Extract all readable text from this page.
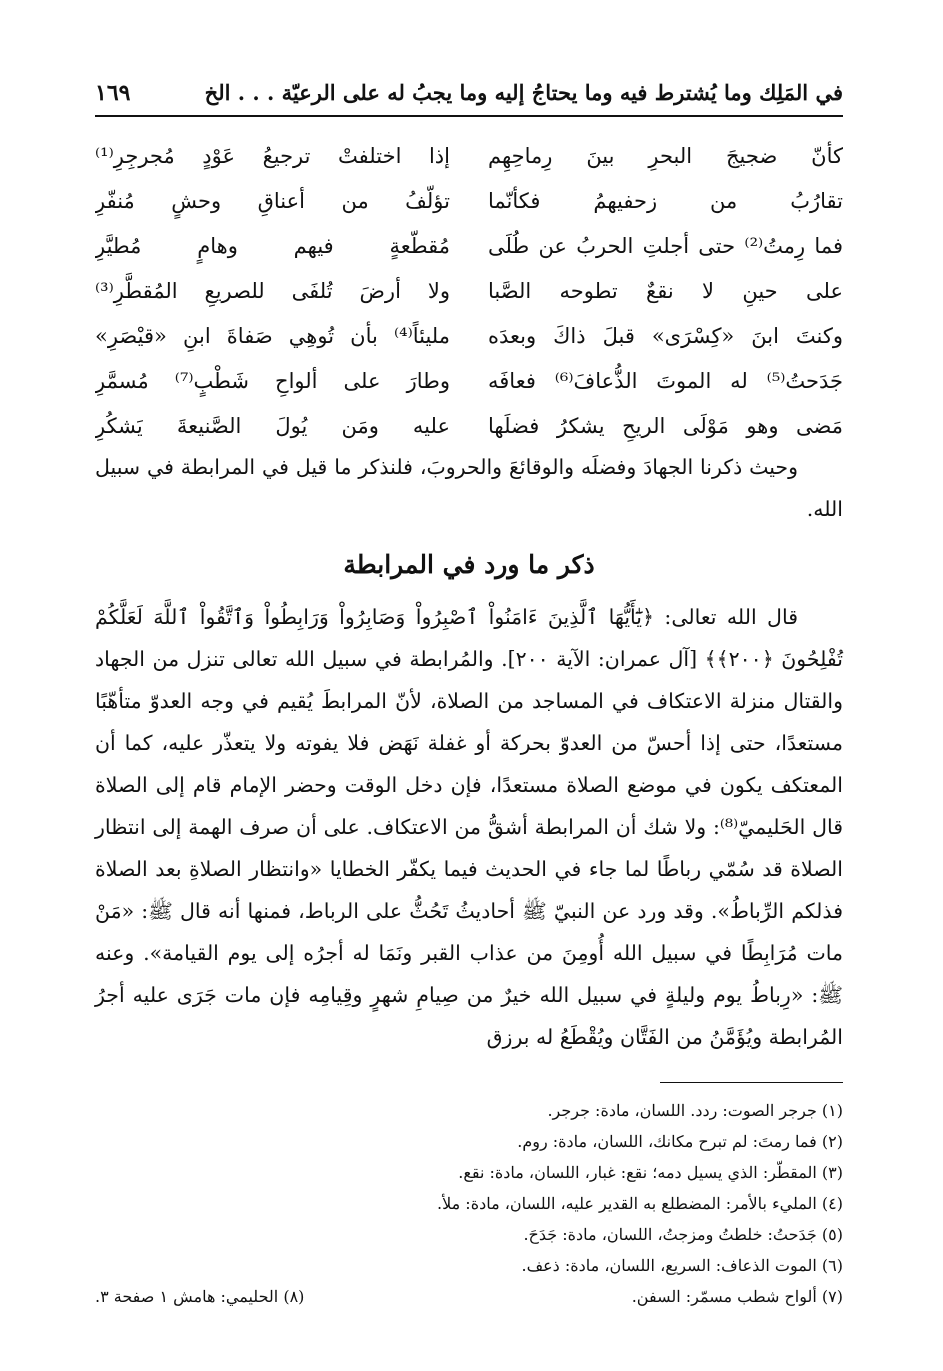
في المَلِك وما يُشترط فيه وما يحتاجُ إليه وما يجبُ له على الرعيّة . . . الخ
١٦٩
كأنّ ضجيجَ البحرِ بينَ رِماحِهِم
إذا اختلفتْ ترجيعُ عَوْدٍ مُجرجِرِ⁽¹⁾
تقارُبُ من زحفيهمُ فكأنّما
تؤلّفُ من أعناقِ وحشٍ مُنفّرِ
فما رِمتُ⁽²⁾ حتى أجلتِ الحربُ عن طُلَى
مُقطّعةٍ فيهم وهامٍ مُطيَّرِ
على حينِ لا نقعٌ تطوحه الصَّبا
ولا أرضَ تُلفَى للصريعِ المُقطَّرِ⁽³⁾
وكنتَ ابنَ «كِسْرَى» قبلَ ذاكَ وبعدَه
مليئاً⁽⁴⁾ بأن تُوهِي صَفاةَ ابنِ «قيْصَرِ»
جَدَحتُ⁽⁵⁾ له الموتَ الذُّعافَ⁽⁶⁾ فعافَه
وطارَ على ألواحِ شَطْبٍ⁽⁷⁾ مُسمَّرِ
مَضى وهو مَوْلَى الريحِ يشكرُ فضلَها
عليه ومَن يُولَ الصَّنيعةَ يَشكُرِ
وحيث ذكرنا الجهادَ وفضلَه والوقائعَ والحروبَ، فلنذكر ما قيل في المرابطة في سبيل الله.
ذكر ما ورد في المرابطة
قال الله تعالى: ﴿يَٰٓأَيُّهَا ٱلَّذِينَ ءَامَنُواْ ٱصْبِرُواْ وَصَابِرُواْ وَرَابِطُواْ وَٱتَّقُواْ ٱللَّهَ لَعَلَّكُمْ تُفْلِحُونَ ﴿٢٠٠﴾﴾ [آل عمران: الآية ٢٠٠]. والمُرابطة في سبيل الله تعالى تنزل من الجهاد والقتال منزلة الاعتكاف في المساجد من الصلاة، لأنّ المرابطَ يُقيم في وجه العدوّ متأهّبًا مستعدًا، حتى إذا أحسّ من العدوّ بحركة أو غفلة نَهَض فلا يفوته ولا يتعذّر عليه، كما أن المعتكف يكون في موضع الصلاة مستعدًا، فإن دخل الوقت وحضر الإمام قام إلى الصلاة قال الحَليميّ⁽⁸⁾: ولا شك أن المرابطة أشقُّ من الاعتكاف. على أن صرف الهمة إلى انتظار الصلاة قد سُمّي رباطًا لما جاء في الحديث فيما يكفّر الخطايا «وانتظار الصلاةِ بعد الصلاة فذلكم الرِّباطُ». وقد ورد عن النبيّ ﷺ أحاديثُ تَحُثُّ على الرباط، فمنها أنه قال ﷺ: «مَنْ مات مُرَابِطًا في سبيل الله أُومِنَ من عذاب القبر ونَمَا له أجرُه إلى يوم القيامة». وعنه ﷺ: «رِباطُ يوم وليلةٍ في سبيل الله خيرٌ من صِيامِ شهرٍ وقِيامِه فإن مات جَرَى عليه أجرُ المُرابطة ويُؤَمَّنُ من الفَتَّان ويُقْطَعُ له برزق
(١) جرجر الصوت: ردد. اللسان، مادة: جرجر.
(٢) فما رمتَ: لم تبرح مكانك، اللسان، مادة: روم.
(٣) المقطّر: الذي يسيل دمه؛ نقع: غبار، اللسان، مادة: نقع.
(٤) المليء بالأمر: المضطلع به القدير عليه، اللسان، مادة: ملأ.
(٥) جَدَحتُ: خلطتُ ومزجتُ، اللسان، مادة: جَدَحَ.
(٦) الموت الذعاف: السريع، اللسان، مادة: ذعف.
(٧) ألواح شطب مسمّر: السفن.
(٨) الحليمي: هامش ١ صفحة ٣.
